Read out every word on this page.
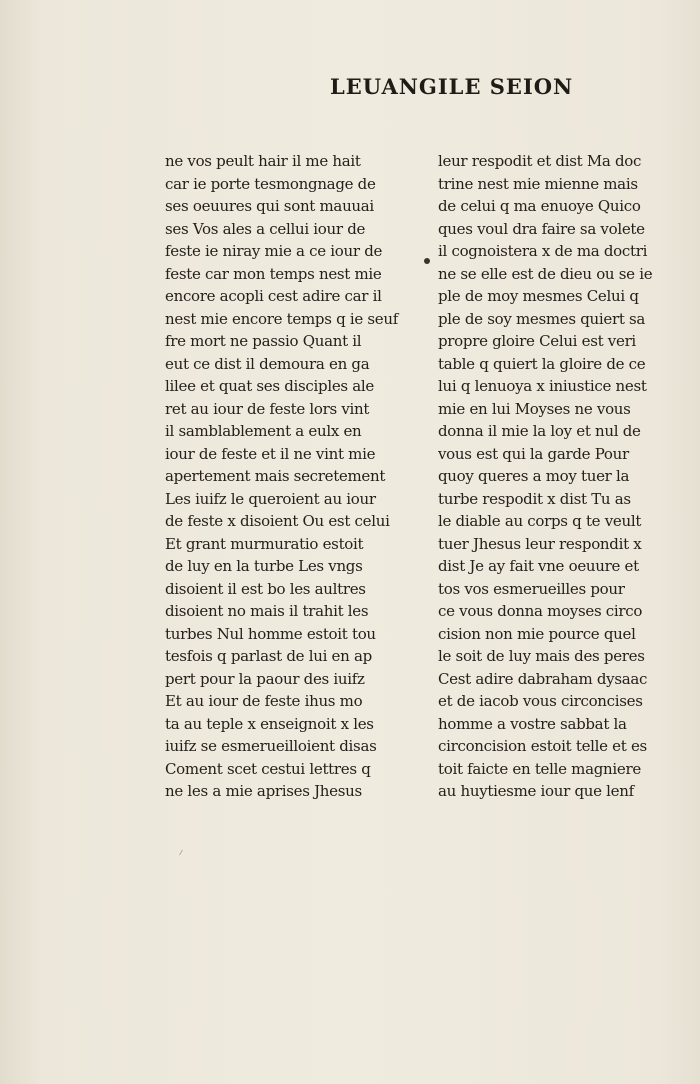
LEUANGILE SEION
ne vos peult hair il me hait
car ie porte tesmongnage de
ses oeuures qui sont mauuai
ses Vos ales a cellui iour de
feste ie niray mie a ce iour de
feste car mon temps nest mie
encore acopli cest adire car il
nest mie encore temps q ie seuf
fre mort ne passio Quant il
eut ce dist il demoura en ga
lilee et quat ses disciples ale
ret au iour de feste lors vint
il samblablement a eulx en
iour de feste et il ne vint mie
apertement mais secretement
Les iuifz le queroient au iour
de feste x disoient Ou est celui
Et grant murmuratio estoit
de luy en la turbe Les vngs
disoient il est bo les aultres
disoient no mais il trahit les
turbes Nul homme estoit tou
tesfois q parlast de lui en ap
pert pour la paour des iuifz
Et au iour de feste ihus mo
ta au teple x enseignoit x les
iuifz se esmerueilloient disas
Coment scet cestui lettres q
ne les a mie aprises Jhesus
leur respodit et dist Ma doc
trine nest mie mienne mais
de celui q ma enuoye Quico
ques voul dra faire sa volete
il cognoistera x de ma doctri
ne se elle est de dieu ou se ie
ple de moy mesmes Celui q
ple de soy mesmes quiert sa
propre gloire Celui est veri
table q quiert la gloire de ce
lui q lenuoya x iniustice nest
mie en lui Moyses ne vous
donna il mie la loy et nul de
vous est qui la garde Pour
quoy queres a moy tuer la
turbe respodit x dist Tu as
le diable au corps q te veult
tuer Jhesus leur respondit x
dist Je ay fait vne oeuure et
tos vos esmerueilles pour
ce vous donna moyses circo
cision non mie pource quel
le soit de luy mais des peres
Cest adire dabraham dysaac
et de iacob vous circoncises
homme a vostre sabbat la
circoncision estoit telle et es
toit faicte en telle magniere
au huytiesme iour que lenf
